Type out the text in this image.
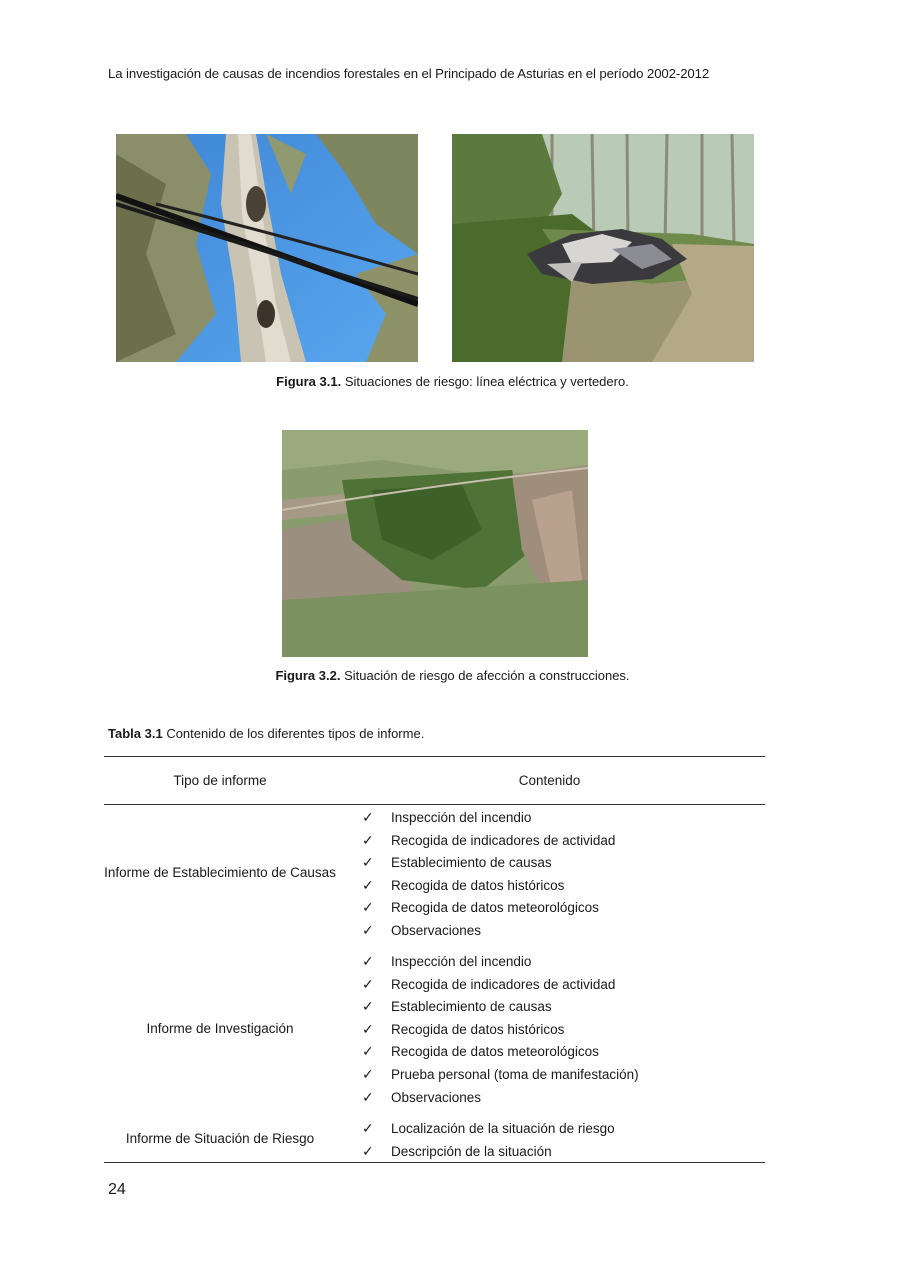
La investigación de causas de incendios forestales en el Principado de Asturias en el período 2002-2012
Figura 3.1. Situaciones de riesgo: línea eléctrica y vertedero.
Figura 3.2. Situación de riesgo de afección a construcciones.
Tabla 3.1 Contenido de los diferentes tipos de informe.
Tipo de informe	Contenido
Informe de Establecimiento de Causas
✓ Inspección del incendio
✓ Recogida de indicadores de actividad
✓ Establecimiento de causas
✓ Recogida de datos históricos
✓ Recogida de datos meteorológicos
✓ Observaciones
Informe de Investigación
✓ Inspección del incendio
✓ Recogida de indicadores de actividad
✓ Establecimiento de causas
✓ Recogida de datos históricos
✓ Recogida de datos meteorológicos
✓ Prueba personal (toma de manifestación)
✓ Observaciones
Informe de Situación de Riesgo
✓ Localización de la situación de riesgo
✓ Descripción de la situación
24
